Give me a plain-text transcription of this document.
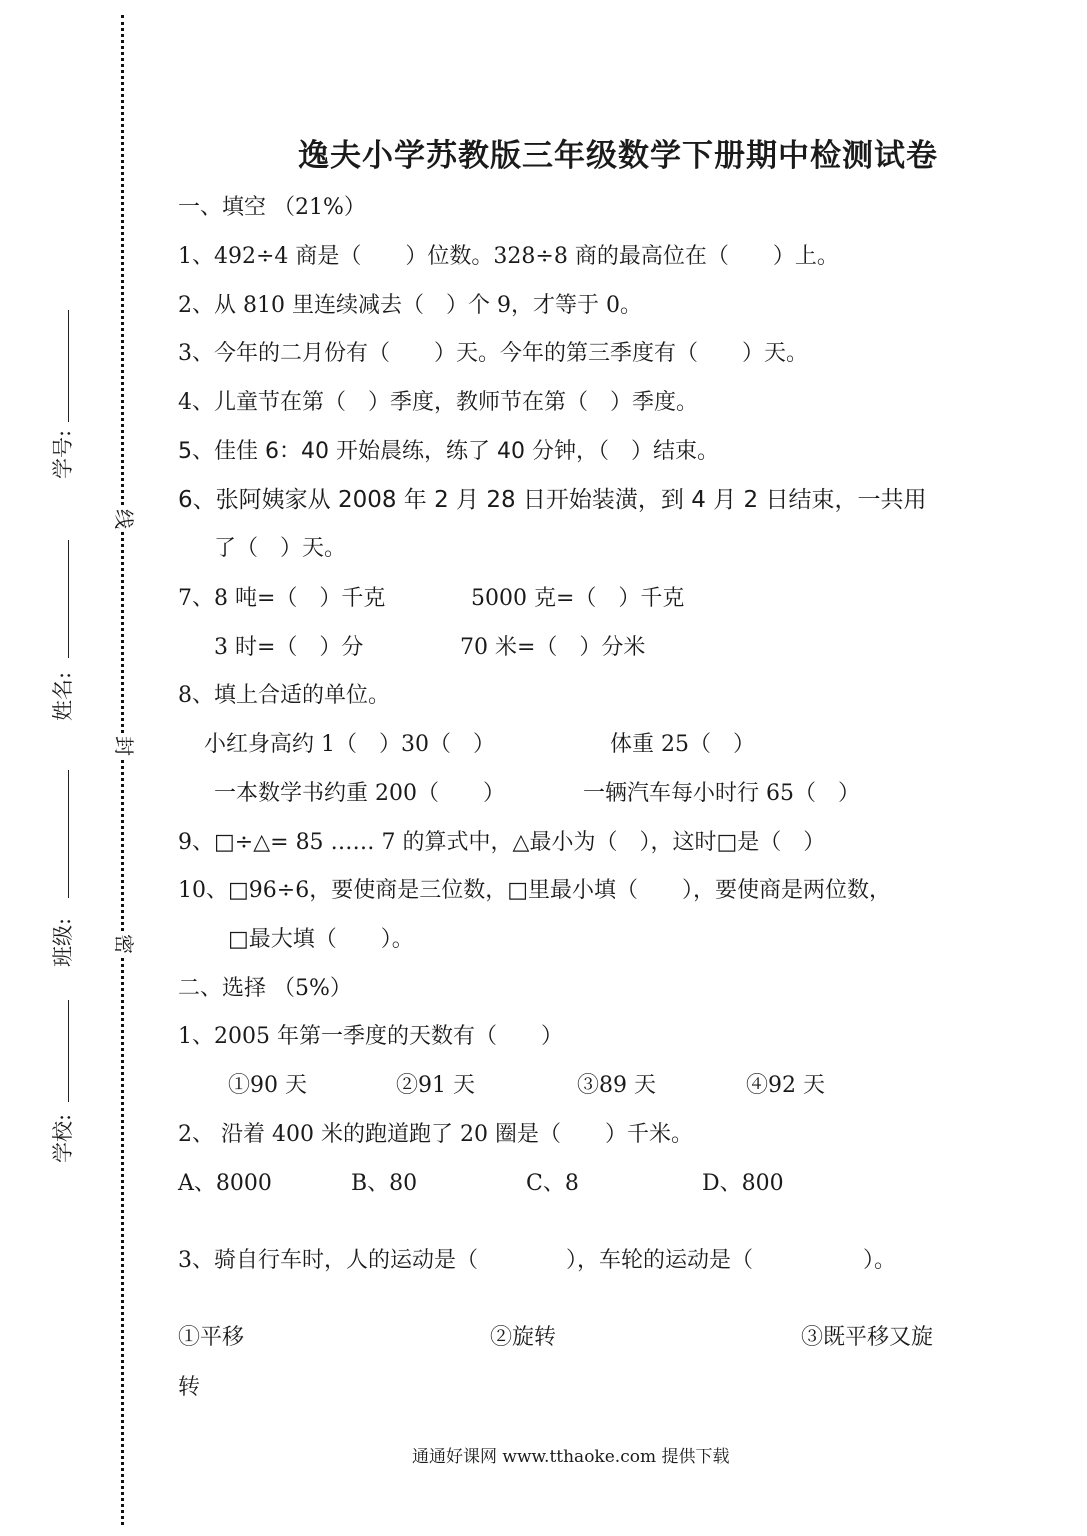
线
封
密
学号:
姓名:
班级:
学校:
逸夫小学苏教版三年级数学下册期中检测试卷
一、填空 （21%）
1、492÷4 商是（　　）位数。328÷8 商的最高位在（　　）上。
2、从 810 里连续减去（　）个 9，才等于 0。
3、今年的二月份有（　　）天。今年的第三季度有（　　）天。
4、儿童节在第（　）季度，教师节在第（　）季度。
5、佳佳 6：40 开始晨练，练了 40 分钟，（　）结束。
6、张阿姨家从 2008 年 2 月 28 日开始装潢，到 4 月 2 日结束，一共用
了（　）天。
7、8 吨=（　）千克	5000 克=（　）千克
3 时=（　）分	70 米=（　）分米
8、填上合适的单位。
小红身高约 1（　）30（　）	体重 25（　）
一本数学书约重 200（　　）	一辆汽车每小时行 65（　）
9、□÷△= 85 …… 7 的算式中，△最小为（　），这时□是（　）
10、□96÷6，要使商是三位数，□里最小填（　　），要使商是两位数，
□最大填（　　）。
二、选择 （5%）
1、2005 年第一季度的天数有（　　）
①90 天	②91 天	③89 天	④92 天
2、 沿着 400 米的跑道跑了 20 圈是（　　）千米。
A、8000	B、80	C、8	D、800
3、骑自行车时，人的运动是（　　　　），车轮的运动是（　　　　　）。
①平移	②旋转	③既平移又旋
转
通通好课网 www.tthaoke.com 提供下载
